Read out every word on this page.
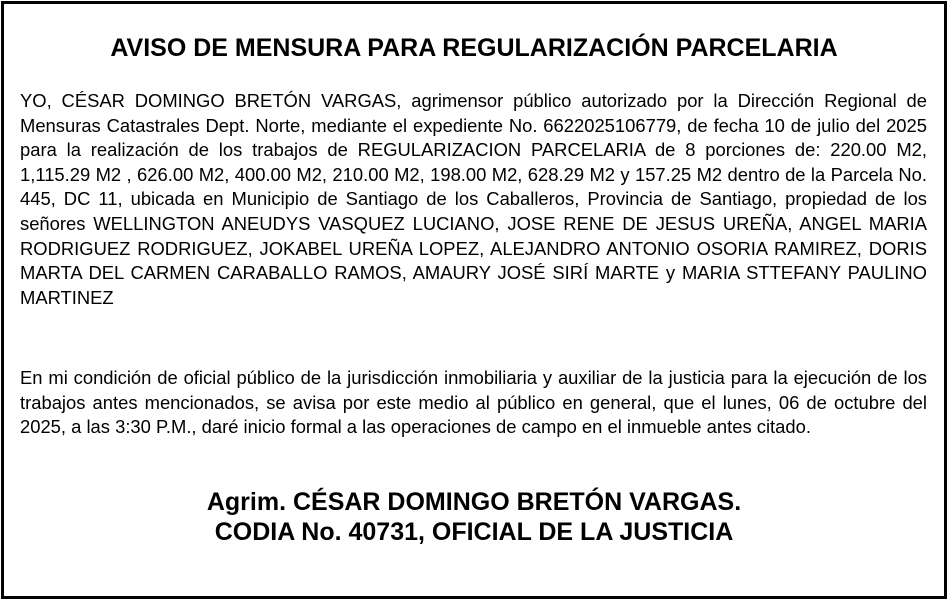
AVISO DE MENSURA PARA REGULARIZACIÓN PARCELARIA
YO, CÉSAR DOMINGO BRETÓN VARGAS, agrimensor público autorizado por la Dirección Regional de Mensuras Catastrales Dept. Norte, mediante el expediente No. 6622025106779, de fecha 10 de julio del 2025 para la realización de los trabajos de REGULARIZACION PARCELARIA de 8 porciones de: 220.00 M2, 1,115.29 M2 , 626.00 M2, 400.00 M2, 210.00 M2, 198.00 M2, 628.29 M2 y 157.25 M2 dentro de la Parcela No. 445, DC 11, ubicada en Municipio de Santiago de los Caballeros, Provincia de Santiago, propiedad de los señores WELLINGTON ANEUDYS VASQUEZ LUCIANO, JOSE RENE DE JESUS UREÑA, ANGEL MARIA RODRIGUEZ RODRIGUEZ, JOKABEL UREÑA LOPEZ, ALEJANDRO ANTONIO OSORIA RAMIREZ, DORIS MARTA DEL CARMEN CARABALLO RAMOS, AMAURY JOSÉ SIRÍ MARTE y MARIA STTEFANY PAULINO MARTINEZ
En mi condición de oficial público de la jurisdicción inmobiliaria y auxiliar de la justicia para la ejecución de los trabajos antes mencionados, se avisa por este medio al público en general, que el lunes, 06 de octubre del 2025, a las 3:30 P.M., daré inicio formal a las operaciones de campo en el inmueble antes citado.
Agrim. CÉSAR DOMINGO BRETÓN VARGAS.
CODIA No. 40731, OFICIAL DE LA JUSTICIA
